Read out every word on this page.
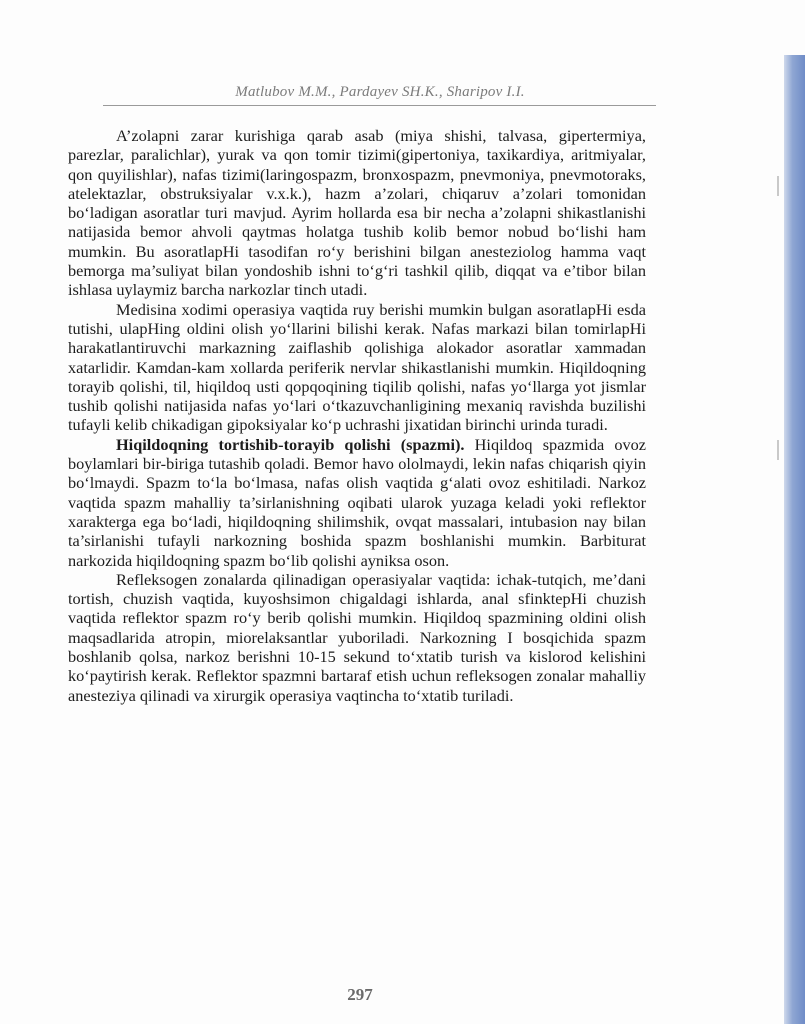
Matlubov M.M., Pardayev SH.K., Sharipov I.I.

A’zolapni zarar kurishiga qarab asab (miya shishi, talvasa, gipertermiya, parezlar, paralichlar), yurak va qon tomir tizimi(gipertoniya, taxikardiya, aritmiyalar, qon quyilishlar), nafas tizimi(laringospazm, bronxospazm, pnevmoniya, pnevmotoraks, atelektazlar, obstruksiyalar v.x.k.), hazm a’zolari, chiqaruv a’zolari tomonidan bo‘ladigan asoratlar turi mavjud. Ayrim hollarda esa bir necha a’zolapni shikastlanishi natijasida bemor ahvoli qaytmas holatga tushib kolib bemor nobud bo‘lishi ham mumkin. Bu asoratlapHi tasodifan ro‘y berishini bilgan anesteziolog hamma vaqt bemorga ma’suliyat bilan yondoshib ishni to‘g‘ri tashkil qilib, diqqat va e’tibor bilan ishlasa uylaymiz barcha narkozlar tinch utadi.

Medisina xodimi operasiya vaqtida ruy berishi mumkin bulgan asoratlapHi esda tutishi, ulapHing oldini olish yo‘llarini bilishi kerak. Nafas markazi bilan tomirlapHi harakatlantiruvchi markazning zaiflashib qolishiga alokador asoratlar xammadan xatarlidir. Kamdan-kam xollarda periferik nervlar shikastlanishi mumkin. Hiqildoqning torayib qolishi, til, hiqildoq usti qopqoqining tiqilib qolishi, nafas yo‘llarga yot jismlar tushib qolishi natijasida nafas yo‘lari o‘tkazuvchanligining mexaniq ravishda buzilishi tufayli kelib chikadigan gipoksiyalar ko‘p uchrashi jixatidan birinchi urinda turadi.

Hiqildoqning tortishib-torayib qolishi (spazmi). Hiqildoq spazmida ovoz boylamlari bir-biriga tutashib qoladi. Bemor havo ololmaydi, lekin nafas chiqarish qiyin bo‘lmaydi. Spazm to‘la bo‘lmasa, nafas olish vaqtida g‘alati ovoz eshitiladi. Narkoz vaqtida spazm mahalliy ta’sirlanishning oqibati ularok yuzaga keladi yoki reflektor xarakterga ega bo‘ladi, hiqildoqning shilimshik, ovqat massalari, intubasion nay bilan ta’sirlanishi tufayli narkozning boshida spazm boshlanishi mumkin. Barbiturat narkozida hiqildoqning spazm bo‘lib qolishi ayniksa oson.

Refleksogen zonalarda qilinadigan operasiyalar vaqtida: ichak-tutqich, me’dani tortish, chuzish vaqtida, kuyoshsimon chigaldagi ishlarda, anal sfinktepHi chuzish vaqtida reflektor spazm ro‘y berib qolishi mumkin. Hiqildoq spazmining oldini olish maqsadlarida atropin, miorelaksantlar yuboriladi. Narkozning I bosqichida spazm boshlanib qolsa, narkoz berishni 10-15 sekund to‘xtatib turish va kislorod kelishini ko‘paytirish kerak. Reflektor spazmni bartaraf etish uchun refleksogen zonalar mahalliy anesteziya qilinadi va xirurgik operasiya vaqtincha to‘xtatib turiladi.

297
